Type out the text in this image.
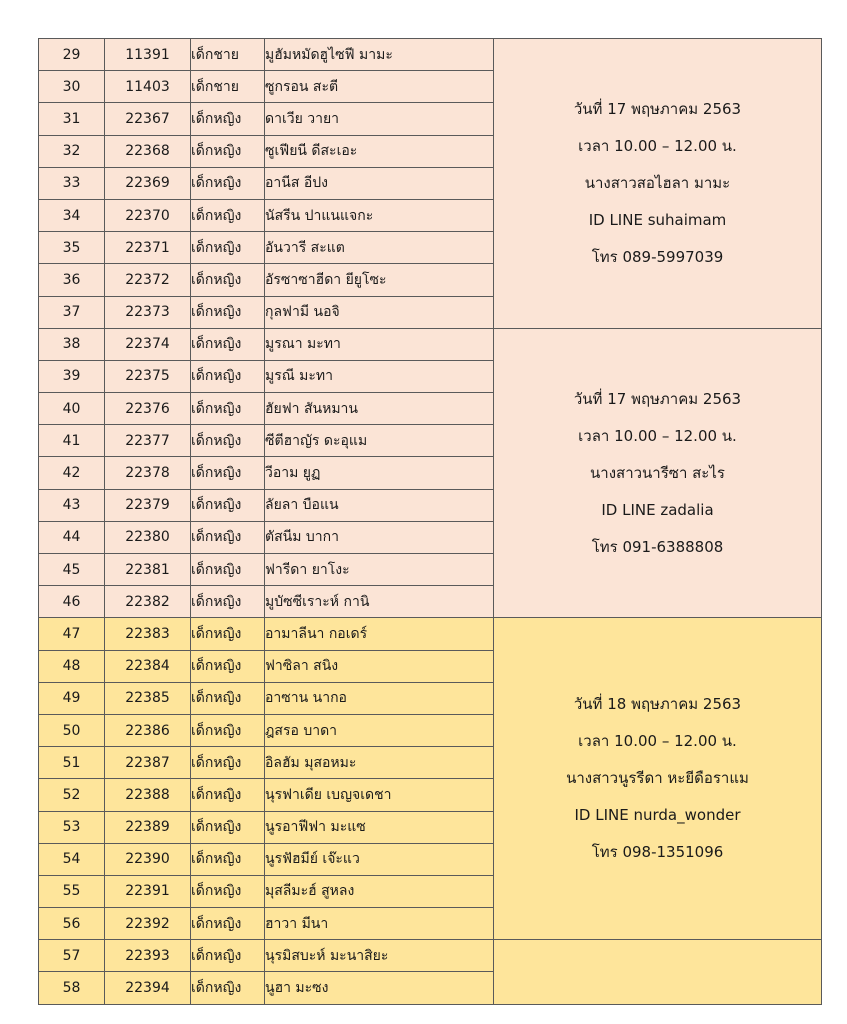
29	11391	เด็กชาย	มูฮัมหมัดฮูไซฟี มามะ	วันที่ 17 พฤษภาคม 2563
เวลา 10.00 – 12.00 น.
นางสาวสอไฮลา มามะ
ID LINE suhaimam
โทร 089-5997039

30	11403	เด็กชาย	ซูกรอน สะตี	
31	22367	เด็กหญิง	ดาเวีย วายา	
32	22368	เด็กหญิง	ซูเฟียนี ดีสะเอะ	
33	22369	เด็กหญิง	อานีส อีปง	
34	22370	เด็กหญิง	นัสรีน ปาแนแจกะ	
35	22371	เด็กหญิง	อันวารี สะแต	
36	22372	เด็กหญิง	อัรซาซาฮีดา ยียูโซะ	
37	22373	เด็กหญิง	กุลฟามี นอจิ	
38	22374	เด็กหญิง	มูรณา มะทา	วันที่ 17 พฤษภาคม 2563
เวลา 10.00 – 12.00 น.
นางสาวนารีซา สะไร
ID LINE zadalia
โทร 091-6388808

39	22375	เด็กหญิง	มูรณี มะทา	
40	22376	เด็กหญิง	ฮัยฟา สันหมาน	
41	22377	เด็กหญิง	ซีตีฮาญัร ดะอุแม	
42	22378	เด็กหญิง	วีอาม ยูฏ	
43	22379	เด็กหญิง	ลัยลา บือแน	
44	22380	เด็กหญิง	ตัสนีม บากา	
45	22381	เด็กหญิง	ฟารีดา ยาโงะ	
46	22382	เด็กหญิง	มูบัซซีเราะห์ กานิ	
47	22383	เด็กหญิง	อามาลีนา กอเดร์	วันที่ 18 พฤษภาคม 2563
เวลา 10.00 – 12.00 น.
นางสาวนูรรีดา หะยีดือราแม
ID LINE nurda_wonder
โทร 098-1351096

48	22384	เด็กหญิง	ฟาซิลา สนิง	
49	22385	เด็กหญิง	อาซาน นากอ	
50	22386	เด็กหญิง	ฎสรอ บาดา	
51	22387	เด็กหญิง	อิลฮัม มุสอหมะ	
52	22388	เด็กหญิง	นุรฟาเดีย เบญจเดชา	
53	22389	เด็กหญิง	นูรอาฟีฟา มะแซ	
54	22390	เด็กหญิง	นูรฟัฮมีย์ เจ๊ะแว	
55	22391	เด็กหญิง	มุสลีมะฮ์ สูหลง	
56	22392	เด็กหญิง	ฮาวา มีนา	
57	22393	เด็กหญิง	นุรมิสบะห์ มะนาสิยะ	

58	22394	เด็กหญิง	นูฮา มะซง	
